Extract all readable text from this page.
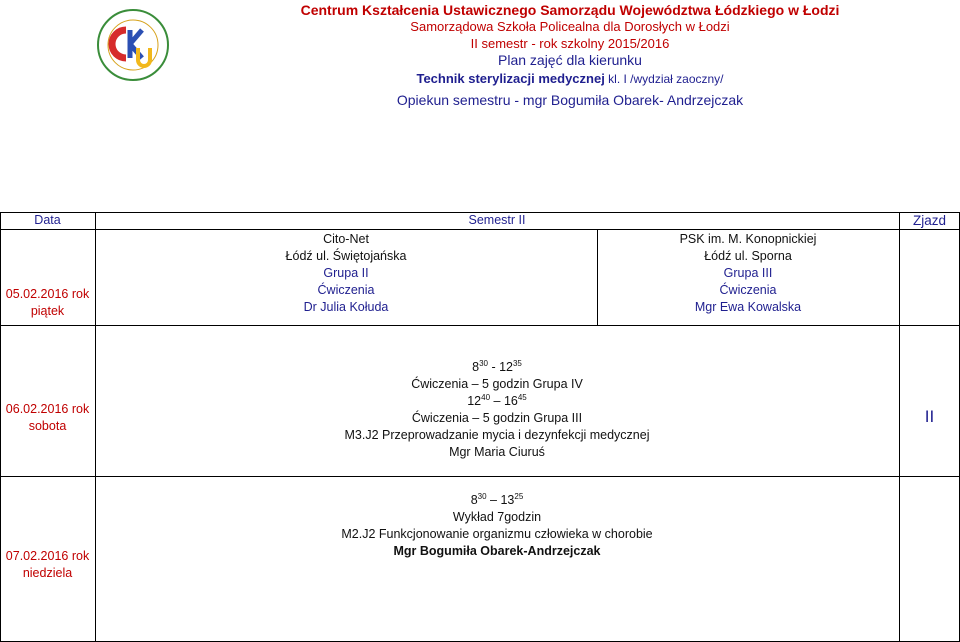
Centrum Kształcenia Ustawicznego Samorządu Województwa Łódzkiego w Łodzi
Samorządowa Szkoła Policealna dla Dorosłych w Łodzi
II semestr - rok szkolny 2015/2016
Plan zajęć dla kierunku
Technik sterylizacji medycznej kl. I /wydział zaoczny/
Opiekun semestru - mgr Bogumiła Obarek- Andrzejczak
Data	Semestr II	Zjazd
05.02.2016 rok
piątek
Cito-Net
Łódź ul. Świętojańska
Grupa II
Ćwiczenia
Dr Julia Kołuda
PSK im. M. Konopnickiej
Łódź ul. Sporna
Grupa III
Ćwiczenia
Mgr Ewa Kowalska
06.02.2016 rok
sobota
$8^{30} - 12^{35}$
Ćwiczenia – 5 godzin Grupa IV
$12^{40} - 16^{45}$
Ćwiczenia – 5 godzin Grupa III
M3.J2 Przeprowadzanie mycia i dezynfekcji medycznej
Mgr Maria Ciuruś
II
07.02.2016 rok
niedziela
$8^{30} - 13^{25}$
Wykład 7godzin
M2.J2 Funkcjonowanie organizmu człowieka w chorobie
Mgr Bogumiła Obarek-Andrzejczak
